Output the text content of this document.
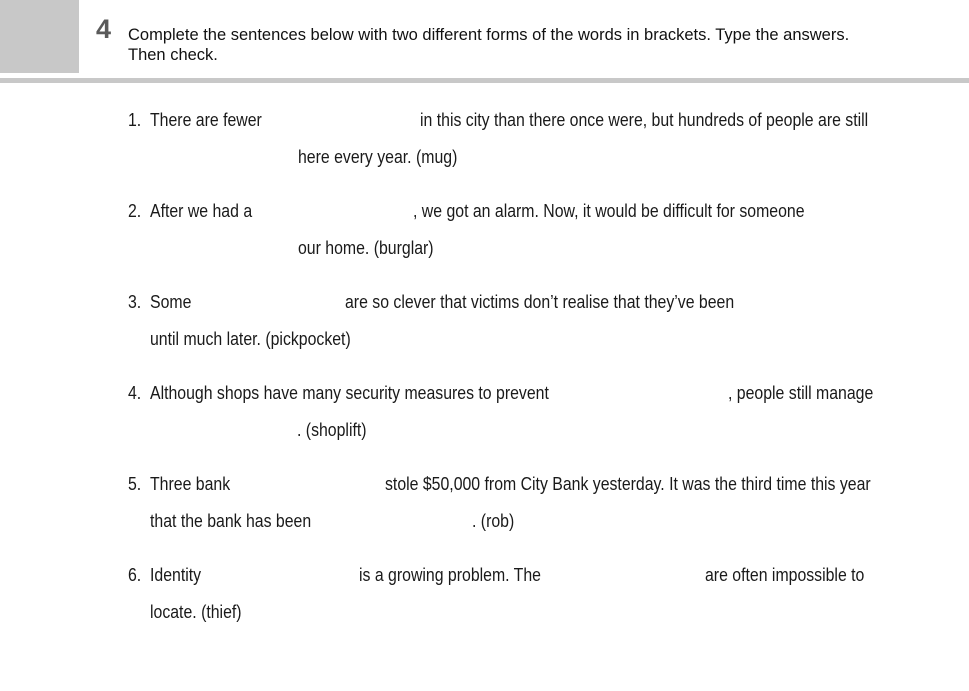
4 Complete the sentences below with two different forms of the words in brackets. Type the answers.
Then check.
1. There are fewer	in this city than there once were, but hundreds of people are still
here every year. (mug)
2. After we had a	, we got an alarm. Now, it would be difficult for someone
our home. (burglar)
3. Some	are so clever that victims don’t realise that they’ve been
until much later. (pickpocket)
4. Although shops have many security measures to prevent	, people still manage
. (shoplift)
5. Three bank	stole $50,000 from City Bank yesterday. It was the third time this year
that the bank has been	. (rob)
6. Identity	is a growing problem. The	are often impossible to
locate. (thief)
